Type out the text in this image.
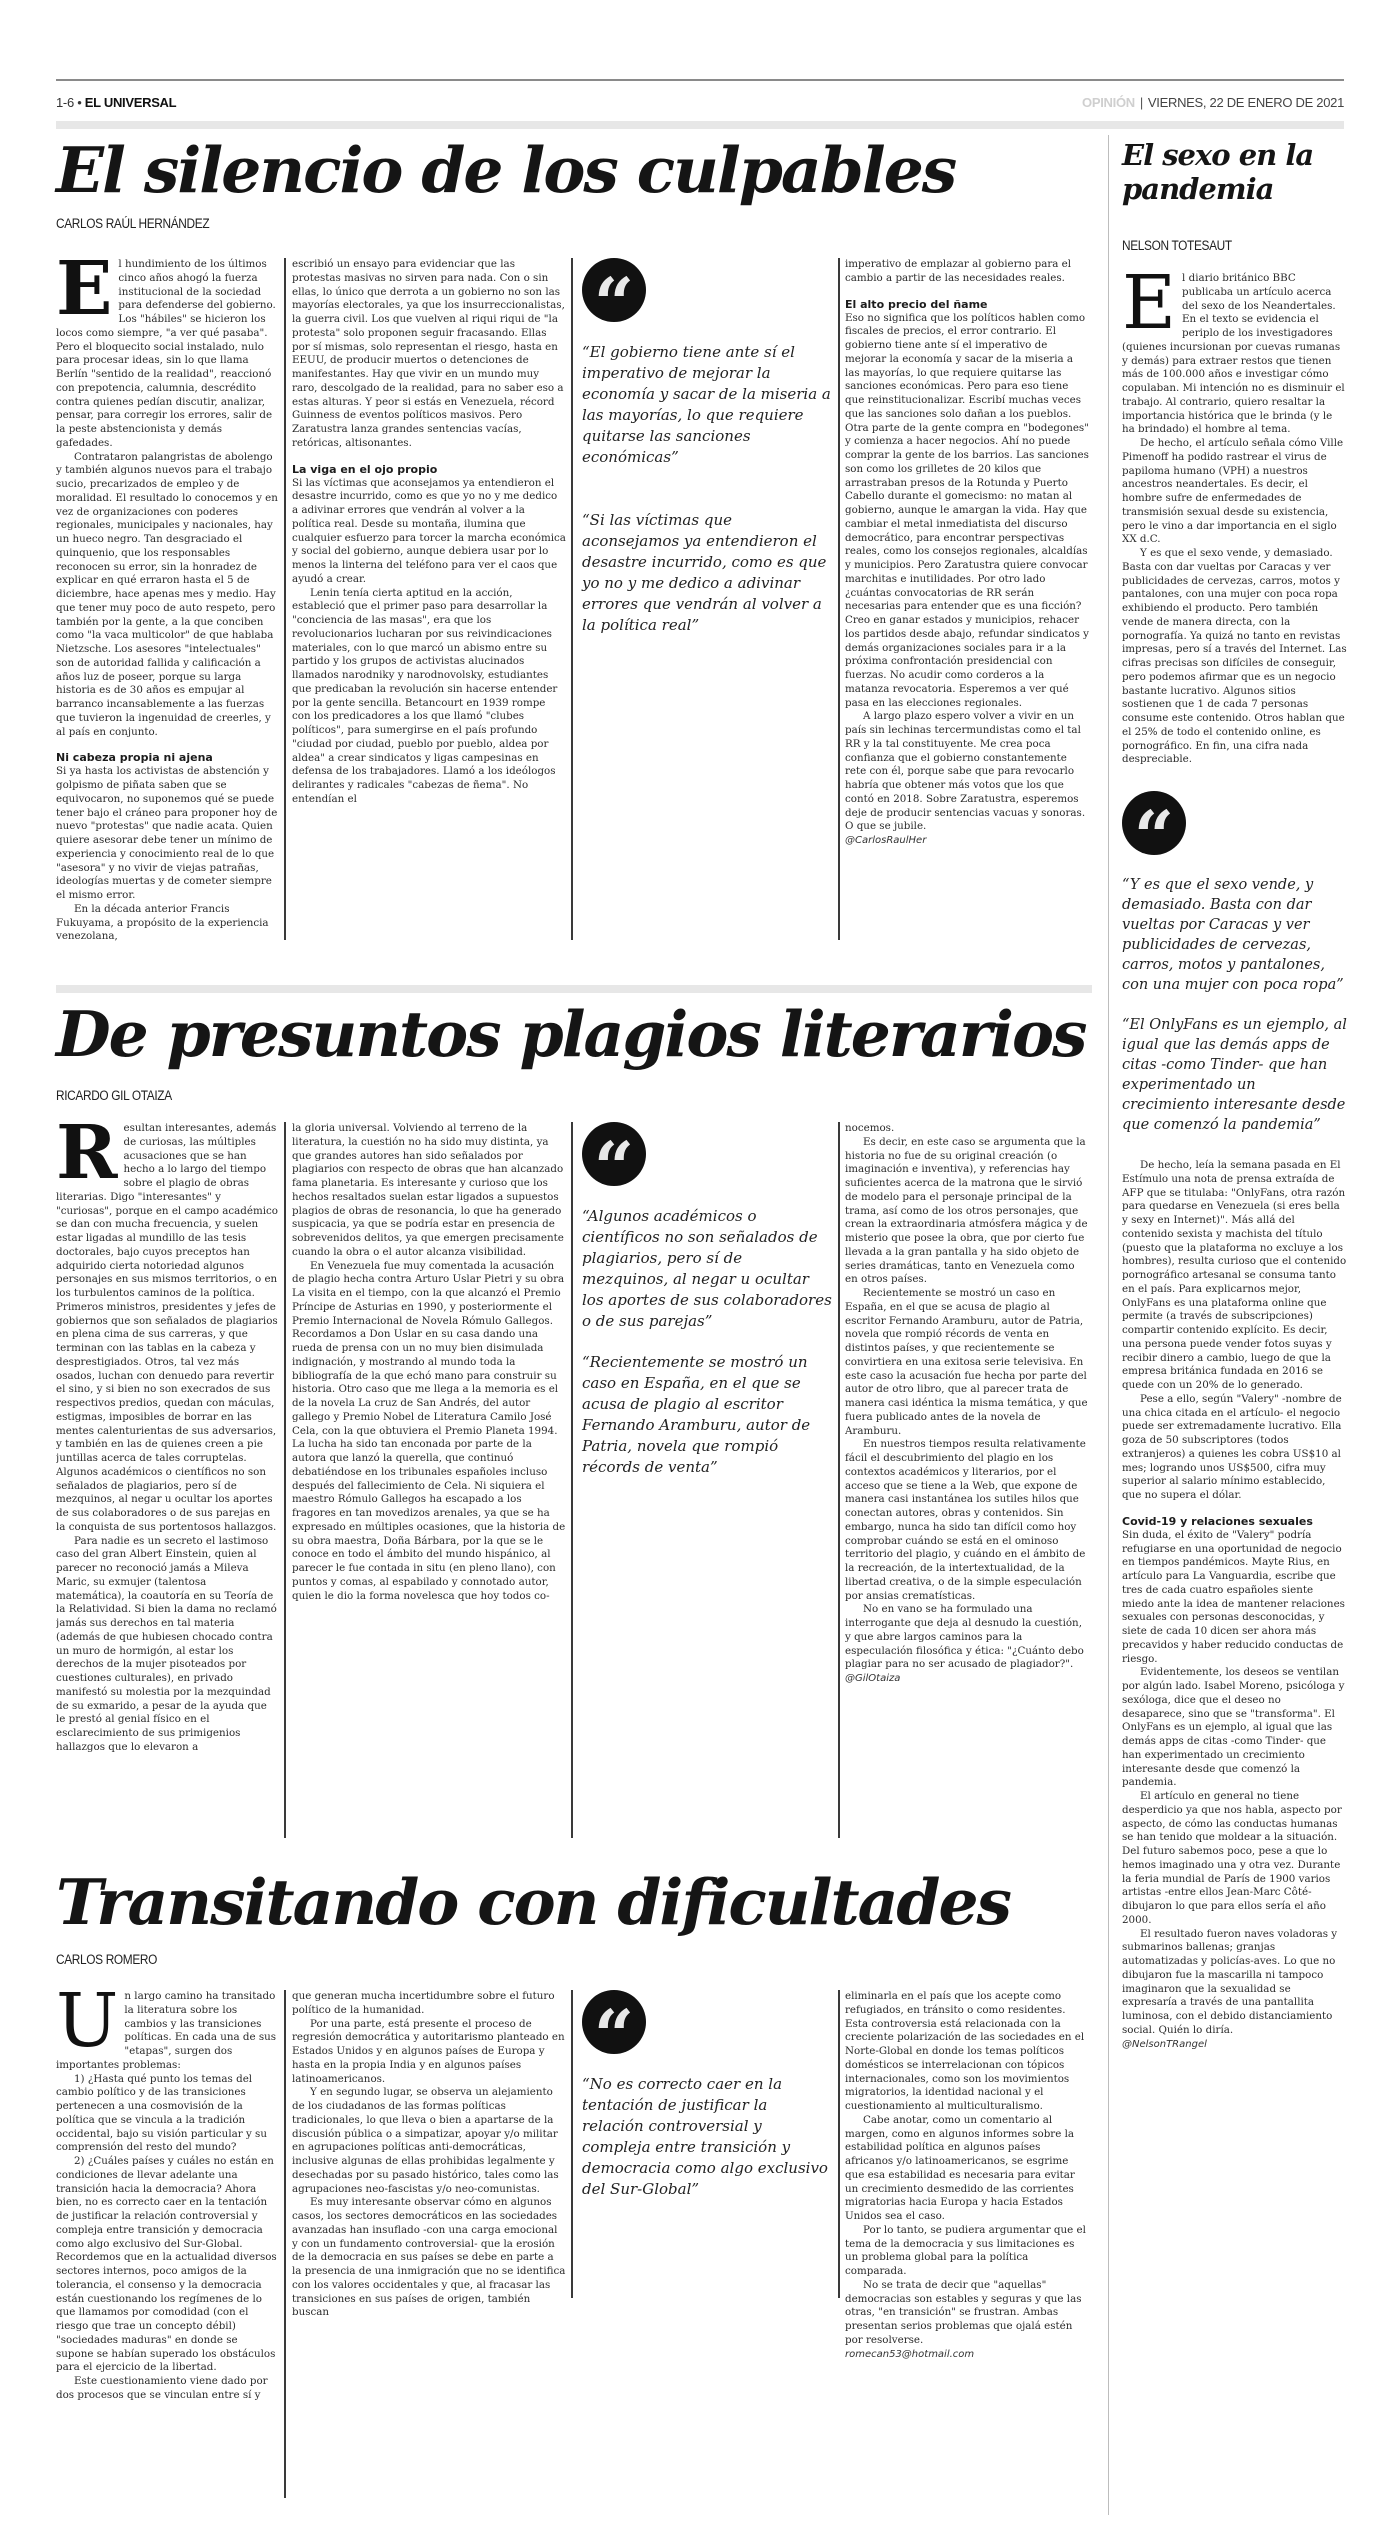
1-6 • EL UNIVERSAL	OPINIÓN | VIERNES, 22 DE ENERO DE 2021
El silencio de los culpables
CARLOS RAÚL HERNÁNDEZ

El hundimiento de los últimos cinco años ahogó la fuerza institucional de la sociedad para defenderse del gobierno. Los "hábiles" se hicieron los locos como siempre, "a ver qué pasaba". Pero el bloquecito social instalado, nulo para procesar ideas, sin lo que llama Berlín "sentido de la realidad", reaccionó con prepotencia, calumnia, descrédito contra quienes pedían discutir, analizar, pensar, para corregir los errores, salir de la peste abstencionista y demás gafedades.

Contrataron palangristas de abolengo y también algunos nuevos para el trabajo sucio, precarizados de empleo y de moralidad. El resultado lo conocemos y en vez de organizaciones con poderes regionales, municipales y nacionales, hay un hueco negro. Tan desgraciado el quinquenio, que los responsables reconocen su error, sin la honradez de explicar en qué erraron hasta el 5 de diciembre, hace apenas mes y medio. Hay que tener muy poco de auto respeto, pero también por la gente, a la que conciben como "la vaca multicolor" de que hablaba Nietzsche. Los asesores "intelectuales" son de autoridad fallida y calificación a años luz de poseer, porque su larga historia es de 30 años es empujar al barranco incansablemente a las fuerzas que tuvieron la ingenuidad de creerles, y al país en conjunto.

Ni cabeza propia ni ajena

Si ya hasta los activistas de abstención y golpismo de piñata saben que se equivocaron, no suponemos qué se puede tener bajo el cráneo para proponer hoy de nuevo "protestas" que nadie acata. Quien quiere asesorar debe tener un mínimo de experiencia y conocimiento real de lo que "asesora" y no vivir de viejas patrañas, ideologías muertas y de cometer siempre el mismo error.

En la década anterior Francis Fukuyama, a propósito de la experiencia venezolana,

escribió un ensayo para evidenciar que las protestas masivas no sirven para nada. Con o sin ellas, lo único que derrota a un gobierno no son las mayorías electorales, ya que los insurreccionalistas, la guerra civil. Los que vuelven al riqui riqui de "la protesta" solo proponen seguir fracasando. Ellas por sí mismas, solo representan el riesgo, hasta en EEUU, de producir muertos o detenciones de manifestantes. Hay que vivir en un mundo muy raro, descolgado de la realidad, para no saber eso a estas alturas. Y peor si estás en Venezuela, récord Guinness de eventos políticos masivos. Pero Zaratustra lanza grandes sentencias vacías, retóricas, altisonantes.

La viga en el ojo propio

Si las víctimas que aconsejamos ya entendieron el desastre incurrido, como es que yo no y me dedico a adivinar errores que vendrán al volver a la política real. Desde su montaña, ilumina que cualquier esfuerzo para torcer la marcha económica y social del gobierno, aunque debiera usar por lo menos la linterna del teléfono para ver el caos que ayudó a crear.

Lenin tenía cierta aptitud en la acción, estableció que el primer paso para desarrollar la "conciencia de las masas", era que los revolucionarios lucharan por sus reivindicaciones materiales, con lo que marcó un abismo entre su partido y los grupos de activistas alucinados llamados narodniky y narodnovolsky, estudiantes que predicaban la revolución sin hacerse entender por la gente sencilla. Betancourt en 1939 rompe con los predicadores a los que llamó "clubes políticos", para sumergirse en el país profundo "ciudad por ciudad, pueblo por pueblo, aldea por aldea" a crear sindicatos y ligas campesinas en defensa de los trabajadores. Llamó a los ideólogos delirantes y radicales "cabezas de ñema". No entendían el

“
“El gobierno tiene ante sí el imperativo de mejorar la economía y sacar de la miseria a las mayorías, lo que requiere quitarse las sanciones económicas”
“Si las víctimas que aconsejamos ya entendieron el desastre incurrido, como es que yo no y me dedico a adivinar errores que vendrán al volver a la política real”

imperativo de emplazar al gobierno para el cambio a partir de las necesidades reales.

El alto precio del ñame

Eso no significa que los políticos hablen como fiscales de precios, el error contrario. El gobierno tiene ante sí el imperativo de mejorar la economía y sacar de la miseria a las mayorías, lo que requiere quitarse las sanciones económicas. Pero para eso tiene que reinstitucionalizar. Escribí muchas veces que las sanciones solo dañan a los pueblos. Otra parte de la gente compra en "bodegones" y comienza a hacer negocios. Ahí no puede comprar la gente de los barrios. Las sanciones son como los grilletes de 20 kilos que arrastraban presos de la Rotunda y Puerto Cabello durante el gomecismo: no matan al gobierno, aunque le amargan la vida. Hay que cambiar el metal inmediatista del discurso democrático, para encontrar perspectivas reales, como los consejos regionales, alcaldías y municipios. Pero Zaratustra quiere convocar marchitas e inutilidades. Por otro lado ¿cuántas convocatorias de RR serán necesarias para entender que es una ficción? Creo en ganar estados y municipios, rehacer los partidos desde abajo, refundar sindicatos y demás organizaciones sociales para ir a la próxima confrontación presidencial con fuerzas. No acudir como corderos a la matanza revocatoria. Esperemos a ver qué pasa en las elecciones regionales.

A largo plazo espero volver a vivir en un país sin lechinas tercermundistas como el tal RR y la tal constituyente. Me crea poca confianza que el gobierno constantemente rete con él, porque sabe que para revocarlo habría que obtener más votos que los que contó en 2018. Sobre Zaratustra, esperemos deje de producir sentencias vacuas y sonoras. O que se jubile.

@CarlosRaulHer
De presuntos plagios literarios
RICARDO GIL OTAIZA

Resultan interesantes, además de curiosas, las múltiples acusaciones que se han hecho a lo largo del tiempo sobre el plagio de obras literarias. Digo "interesantes" y "curiosas", porque en el campo académico se dan con mucha frecuencia, y suelen estar ligadas al mundillo de las tesis doctorales, bajo cuyos preceptos han adquirido cierta notoriedad algunos personajes en sus mismos territorios, o en los turbulentos caminos de la política. Primeros ministros, presidentes y jefes de gobiernos que son señalados de plagiarios en plena cima de sus carreras, y que terminan con las tablas en la cabeza y desprestigiados. Otros, tal vez más osados, luchan con denuedo para revertir el sino, y si bien no son execrados de sus respectivos predios, quedan con máculas, estigmas, imposibles de borrar en las mentes calenturientas de sus adversarios, y también en las de quienes creen a pie juntillas acerca de tales corruptelas. Algunos académicos o científicos no son señalados de plagiarios, pero sí de mezquinos, al negar u ocultar los aportes de sus colaboradores o de sus parejas en la conquista de sus portentosos hallazgos.

Para nadie es un secreto el lastimoso caso del gran Albert Einstein, quien al parecer no reconoció jamás a Mileva Maric, su exmujer (talentosa matemática), la coautoría en su Teoría de la Relatividad. Si bien la dama no reclamó jamás sus derechos en tal materia (además de que hubiesen chocado contra un muro de hormigón, al estar los derechos de la mujer pisoteados por cuestiones culturales), en privado manifestó su molestia por la mezquindad de su exmarido, a pesar de la ayuda que le prestó al genial físico en el esclarecimiento de sus primigenios hallazgos que lo elevaron a

la gloria universal. Volviendo al terreno de la literatura, la cuestión no ha sido muy distinta, ya que grandes autores han sido señalados por plagiarios con respecto de obras que han alcanzado fama planetaria. Es interesante y curioso que los hechos resaltados suelan estar ligados a supuestos plagios de obras de resonancia, lo que ha generado suspicacia, ya que se podría estar en presencia de sobrevenidos delitos, ya que emergen precisamente cuando la obra o el autor alcanza visibilidad.

En Venezuela fue muy comentada la acusación de plagio hecha contra Arturo Uslar Pietri y su obra La visita en el tiempo, con la que alcanzó el Premio Príncipe de Asturias en 1990, y posteriormente el Premio Internacional de Novela Rómulo Gallegos. Recordamos a Don Uslar en su casa dando una rueda de prensa con un no muy bien disimulada indignación, y mostrando al mundo toda la bibliografía de la que echó mano para construir su historia. Otro caso que me llega a la memoria es el de la novela La cruz de San Andrés, del autor gallego y Premio Nobel de Literatura Camilo José Cela, con la que obtuviera el Premio Planeta 1994. La lucha ha sido tan enconada por parte de la autora que lanzó la querella, que continuó debatiéndose en los tribunales españoles incluso después del fallecimiento de Cela. Ni siquiera el maestro Rómulo Gallegos ha escapado a los fragores en tan movedizos arenales, ya que se ha expresado en múltiples ocasiones, que la historia de su obra maestra, Doña Bárbara, por la que se le conoce en todo el ámbito del mundo hispánico, al parecer le fue contada in situ (en pleno llano), con puntos y comas, al espabilado y connotado autor, quien le dio la forma novelesca que hoy todos co-

“
“Algunos académicos o científicos no son señalados de plagiarios, pero sí de mezquinos, al negar u ocultar los aportes de sus colaboradores o de sus parejas”
“Recientemente se mostró un caso en España, en el que se acusa de plagio al escritor Fernando Aramburu, autor de Patria, novela que rompió récords de venta”

nocemos.

Es decir, en este caso se argumenta que la historia no fue de su original creación (o imaginación e inventiva), y referencias hay suficientes acerca de la matrona que le sirvió de modelo para el personaje principal de la trama, así como de los otros personajes, que crean la extraordinaria atmósfera mágica y de misterio que posee la obra, que por cierto fue llevada a la gran pantalla y ha sido objeto de series dramáticas, tanto en Venezuela como en otros países.

Recientemente se mostró un caso en España, en el que se acusa de plagio al escritor Fernando Aramburu, autor de Patria, novela que rompió récords de venta en distintos países, y que recientemente se convirtiera en una exitosa serie televisiva. En este caso la acusación fue hecha por parte del autor de otro libro, que al parecer trata de manera casi idéntica la misma temática, y que fuera publicado antes de la novela de Aramburu.

En nuestros tiempos resulta relativamente fácil el descubrimiento del plagio en los contextos académicos y literarios, por el acceso que se tiene a la Web, que expone de manera casi instantánea los sutiles hilos que conectan autores, obras y contenidos. Sin embargo, nunca ha sido tan difícil como hoy comprobar cuándo se está en el ominoso territorio del plagio, y cuándo en el ámbito de la recreación, de la intertextualidad, de la libertad creativa, o de la simple especulación por ansias crematísticas.

No en vano se ha formulado una interrogante que deja al desnudo la cuestión, y que abre largos caminos para la especulación filosófica y ética: "¿Cuánto debo plagiar para no ser acusado de plagiador?".

@GilOtaiza
Transitando con dificultades
CARLOS ROMERO

Un largo camino ha transitado la literatura sobre los cambios y las transiciones políticas. En cada una de sus "etapas", surgen dos importantes problemas:

1) ¿Hasta qué punto los temas del cambio político y de las transiciones pertenecen a una cosmovisión de la política que se vincula a la tradición occidental, bajo su visión particular y su comprensión del resto del mundo?

2) ¿Cuáles países y cuáles no están en condiciones de llevar adelante una transición hacia la democracia? Ahora bien, no es correcto caer en la tentación de justificar la relación controversial y compleja entre transición y democracia como algo exclusivo del Sur-Global. Recordemos que en la actualidad diversos sectores internos, poco amigos de la tolerancia, el consenso y la democracia están cuestionando los regímenes de lo que llamamos por comodidad (con el riesgo que trae un concepto débil) "sociedades maduras" en donde se supone se habían superado los obstáculos para el ejercicio de la libertad.

Este cuestionamiento viene dado por dos procesos que se vinculan entre sí y

que generan mucha incertidumbre sobre el futuro político de la humanidad.

Por una parte, está presente el proceso de regresión democrática y autoritarismo planteado en Estados Unidos y en algunos países de Europa y hasta en la propia India y en algunos países latinoamericanos.

Y en segundo lugar, se observa un alejamiento de los ciudadanos de las formas políticas tradicionales, lo que lleva o bien a apartarse de la discusión pública o a simpatizar, apoyar y/o militar en agrupaciones políticas anti-democráticas, inclusive algunas de ellas prohibidas legalmente y desechadas por su pasado histórico, tales como las agrupaciones neo-fascistas y/o neo-comunistas.

Es muy interesante observar cómo en algunos casos, los sectores democráticos en las sociedades avanzadas han insuflado -con una carga emocional y con un fundamento controversial- que la erosión de la democracia en sus países se debe en parte a la presencia de una inmigración que no se identifica con los valores occidentales y que, al fracasar las transiciones en sus países de origen, también buscan

“
“No es correcto caer en la tentación de justificar la relación controversial y compleja entre transición y democracia como algo exclusivo del Sur-Global”

eliminarla en el país que los acepte como refugiados, en tránsito o como residentes. Esta controversia está relacionada con la creciente polarización de las sociedades en el Norte-Global en donde los temas políticos domésticos se interrelacionan con tópicos internacionales, como son los movimientos migratorios, la identidad nacional y el cuestionamiento al multiculturalismo.

Cabe anotar, como un comentario al margen, como en algunos informes sobre la estabilidad política en algunos países africanos y/o latinoamericanos, se esgrime que esa estabilidad es necesaria para evitar un crecimiento desmedido de las corrientes migratorias hacia Europa y hacia Estados Unidos sea el caso.

Por lo tanto, se pudiera argumentar que el tema de la democracia y sus limitaciones es un problema global para la política comparada.

No se trata de decir que "aquellas" democracias son estables y seguras y que las otras, "en transición" se frustran. Ambas presentan serios problemas que ojalá estén por resolverse.

romecan53@hotmail.com
El sexo en la pandemia
NELSON TOTESAUT

El diario británico BBC publicaba un artículo acerca del sexo de los Neandertales. En el texto se evidencia el periplo de los investigadores (quienes incursionan por cuevas rumanas y demás) para extraer restos que tienen más de 100.000 años e investigar cómo copulaban. Mi intención no es disminuir el trabajo. Al contrario, quiero resaltar la importancia histórica que le brinda (y le ha brindado) el hombre al tema.

De hecho, el artículo señala cómo Ville Pimenoff ha podido rastrear el virus de papiloma humano (VPH) a nuestros ancestros neandertales. Es decir, el hombre sufre de enfermedades de transmisión sexual desde su existencia, pero le vino a dar importancia en el siglo XX d.C.

Y es que el sexo vende, y demasiado. Basta con dar vueltas por Caracas y ver publicidades de cervezas, carros, motos y pantalones, con una mujer con poca ropa exhibiendo el producto. Pero también vende de manera directa, con la pornografía. Ya quizá no tanto en revistas impresas, pero sí a través del Internet. Las cifras precisas son difíciles de conseguir, pero podemos afirmar que es un negocio bastante lucrativo. Algunos sitios sostienen que 1 de cada 7 personas consume este contenido. Otros hablan que el 25% de todo el contenido online, es pornográfico. En fin, una cifra nada despreciable.

“
“Y es que el sexo vende, y demasiado. Basta con dar vueltas por Caracas y ver publicidades de cervezas, carros, motos y pantalones, con una mujer con poca ropa”
“El OnlyFans es un ejemplo, al igual que las demás apps de citas -como Tinder- que han experimentado un crecimiento interesante desde que comenzó la pandemia”

De hecho, leía la semana pasada en El Estímulo una nota de prensa extraída de AFP que se titulaba: "OnlyFans, otra razón para quedarse en Venezuela (si eres bella y sexy en Internet)". Más allá del contenido sexista y machista del título (puesto que la plataforma no excluye a los hombres), resulta curioso que el contenido pornográfico artesanal se consuma tanto en el país. Para explicarnos mejor, OnlyFans es una plataforma online que permite (a través de subscripciones) compartir contenido explícito. Es decir, una persona puede vender fotos suyas y recibir dinero a cambio, luego de que la empresa británica fundada en 2016 se quede con un 20% de lo generado.

Pese a ello, según "Valery" -nombre de una chica citada en el artículo- el negocio puede ser extremadamente lucrativo. Ella goza de 50 subscriptores (todos extranjeros) a quienes les cobra US$10 al mes; logrando unos US$500, cifra muy superior al salario mínimo establecido, que no supera el dólar.

Covid-19 y relaciones sexuales

Sin duda, el éxito de "Valery" podría refugiarse en una oportunidad de negocio en tiempos pandémicos. Mayte Rius, en artículo para La Vanguardia, escribe que tres de cada cuatro españoles siente miedo ante la idea de mantener relaciones sexuales con personas desconocidas, y siete de cada 10 dicen ser ahora más precavidos y haber reducido conductas de riesgo.

Evidentemente, los deseos se ventilan por algún lado. Isabel Moreno, psicóloga y sexóloga, dice que el deseo no desaparece, sino que se "transforma". El OnlyFans es un ejemplo, al igual que las demás apps de citas -como Tinder- que han experimentado un crecimiento interesante desde que comenzó la pandemia.

El artículo en general no tiene desperdicio ya que nos habla, aspecto por aspecto, de cómo las conductas humanas se han tenido que moldear a la situación. Del futuro sabemos poco, pese a que lo hemos imaginado una y otra vez. Durante la feria mundial de París de 1900 varios artistas -entre ellos Jean-Marc Côté- dibujaron lo que para ellos sería el año 2000.

El resultado fueron naves voladoras y submarinos ballenas; granjas automatizadas y policías-aves. Lo que no dibujaron fue la mascarilla ni tampoco imaginaron que la sexualidad se expresaría a través de una pantallita luminosa, con el debido distanciamiento social. Quién lo diría.

@NelsonTRangel
